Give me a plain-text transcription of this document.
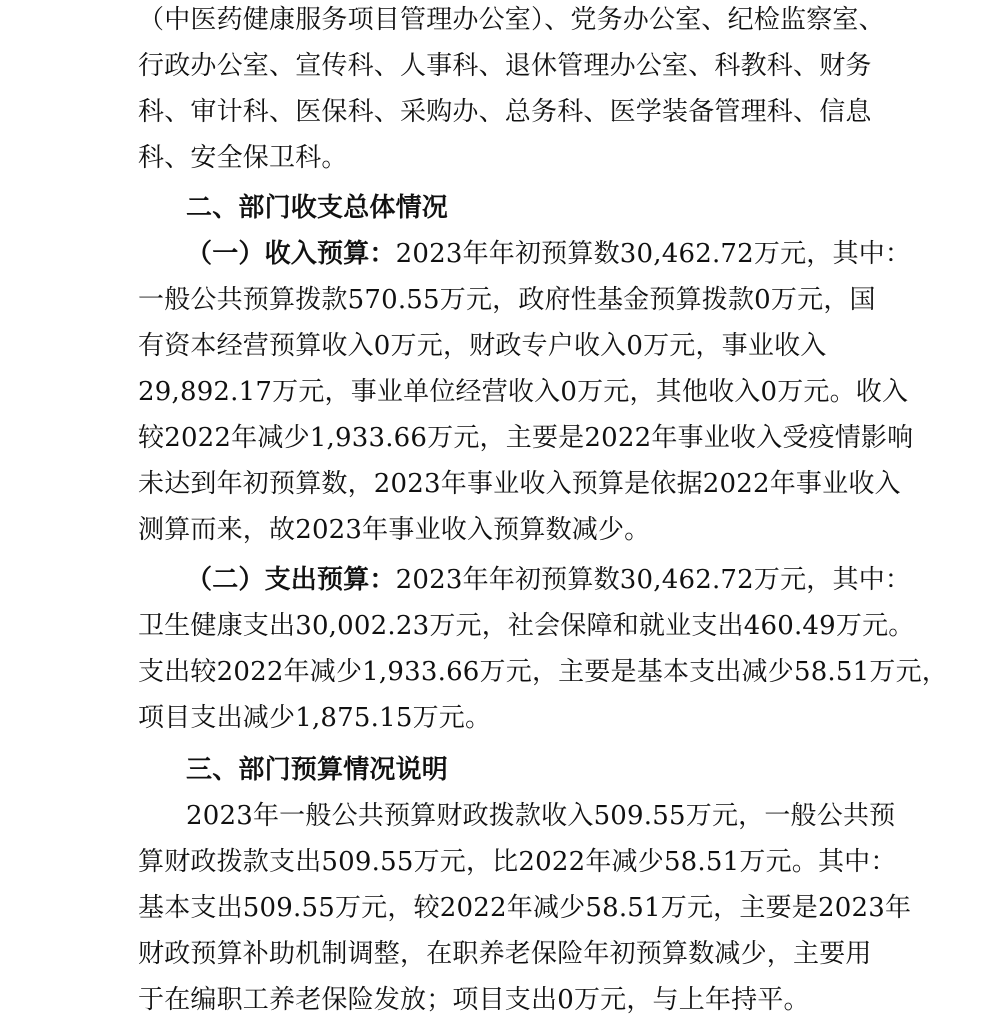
（中医药健康服务项目管理办公室）、党务办公室、纪检监察室、
行政办公室、宣传科、人事科、退休管理办公室、科教科、财务
科、审计科、医保科、采购办、总务科、医学装备管理科、信息
科、安全保卫科。
二、部门收支总体情况
（一）收入预算：2023年年初预算数30,462.72万元，其中：
一般公共预算拨款570.55万元，政府性基金预算拨款0万元，国
有资本经营预算收入0万元，财政专户收入0万元，事业收入
29,892.17万元，事业单位经营收入0万元，其他收入0万元。收入
较2022年减少1,933.66万元，主要是2022年事业收入受疫情影响
未达到年初预算数，2023年事业收入预算是依据2022年事业收入
测算而来，故2023年事业收入预算数减少。
（二）支出预算：2023年年初预算数30,462.72万元，其中：
卫生健康支出30,002.23万元，社会保障和就业支出460.49万元。
支出较2022年减少1,933.66万元，主要是基本支出减少58.51万元，
项目支出减少1,875.15万元。
三、部门预算情况说明
2023年一般公共预算财政拨款收入509.55万元，一般公共预
算财政拨款支出509.55万元，比2022年减少58.51万元。其中：
基本支出509.55万元，较2022年减少58.51万元，主要是2023年
财政预算补助机制调整，在职养老保险年初预算数减少，主要用
于在编职工养老保险发放；项目支出0万元，与上年持平。
